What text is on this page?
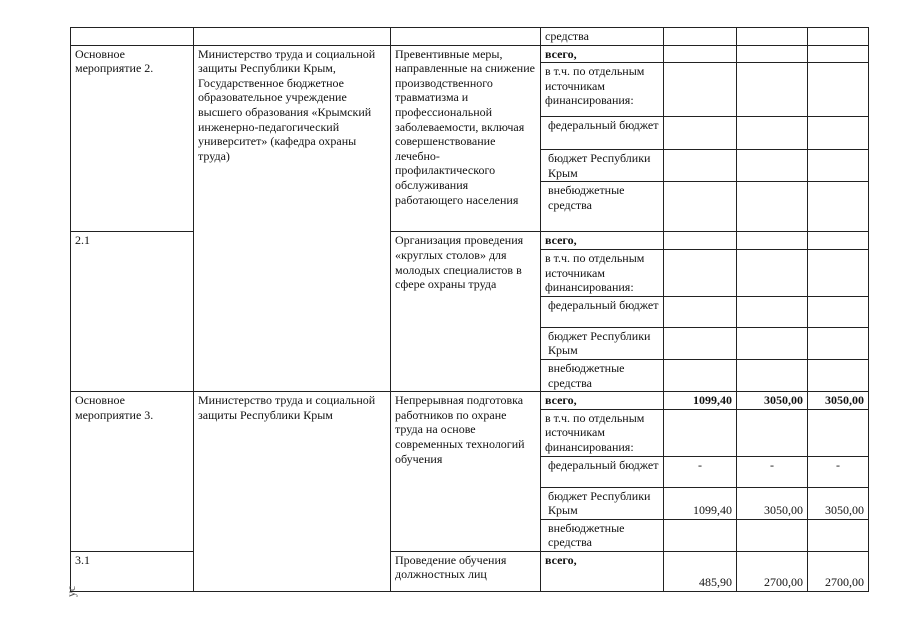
			средства			
Основное мероприятие 2.	Министерство труда и социальной защиты Республики Крым, Государственное бюджетное образовательное учреждение высшего образования «Крымский инженерно-педагогический университет» (кафедра охраны труда)	Превентивные меры, направленные на снижение производственного травматизма и профессиональной заболеваемости, включая совершенствование лечебно-профилактического обслуживания работающего населения	всего,			
			в т.ч. по отдельным источникам финансирования:			
			федеральный бюджет			
			бюджет Республики Крым			
			внебюджетные средства			
2.1		Организация проведения «круглых столов» для молодых специалистов в сфере охраны труда	всего,			
			в т.ч. по отдельным источникам финансирования:			
			федеральный бюджет			
			бюджет Республики Крым			
			внебюджетные средства			
Основное мероприятие 3.	Министерство труда и социальной защиты Республики Крым	Непрерывная подготовка работников по охране труда на основе современных технологий обучения	всего,	1099,40	3050,00	3050,00
			в т.ч. по отдельным источникам финансирования:			
			федеральный бюджет	-	-	-
			бюджет Республики Крым	1099,40	3050,00	3050,00
			внебюджетные средства			
3.1		Проведение обучения должностных лиц	всего,	485,90	2700,00	2700,00
ус
